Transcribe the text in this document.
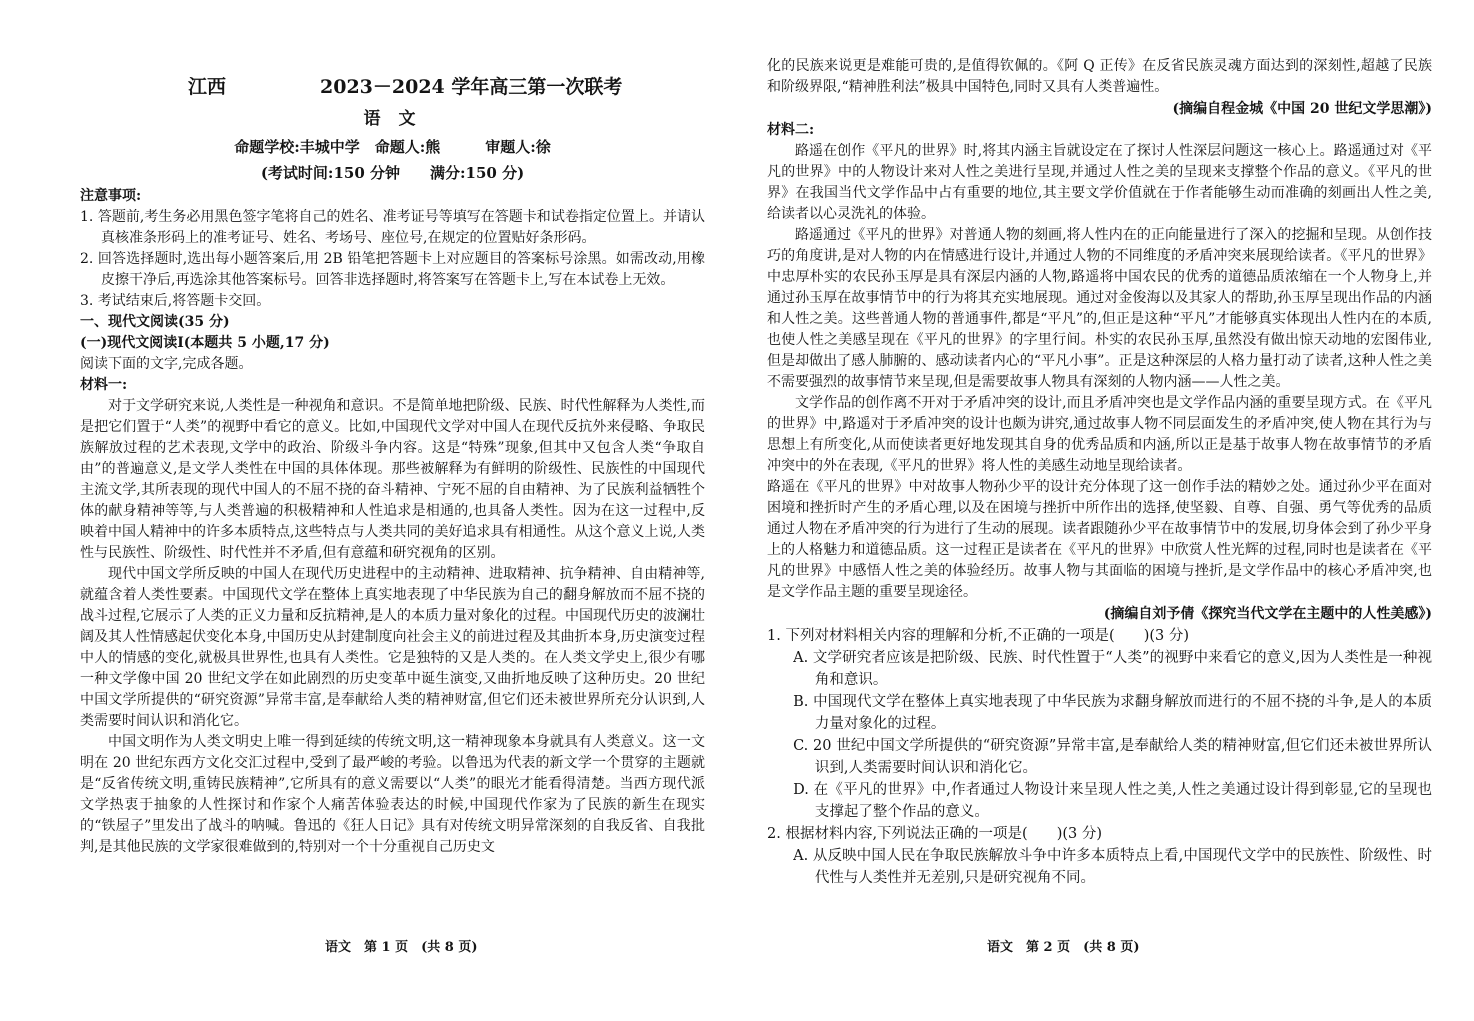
江西	2023－2024 学年高三第一次联考
语 文
命题学校:丰城中学　命题人:熊　　　审题人:徐
(考试时间:150 分钟　　满分:150 分)
注意事项:

1. 答题前,考生务必用黑色签字笔将自己的姓名、准考证号等填写在答题卡和试卷指定位置上。并请认真核准条形码上的准考证号、姓名、考场号、座位号,在规定的位置贴好条形码。

2. 回答选择题时,选出每小题答案后,用 2B 铅笔把答题卡上对应题目的答案标号涂黑。如需改动,用橡皮擦干净后,再选涂其他答案标号。回答非选择题时,将答案写在答题卡上,写在本试卷上无效。

3. 考试结束后,将答题卡交回。

一、现代文阅读(35 分)
(一)现代文阅读Ⅰ(本题共 5 小题,17 分)

阅读下面的文字,完成各题。

材料一:

对于文学研究来说,人类性是一种视角和意识。不是简单地把阶级、民族、时代性解释为人类性,而是把它们置于“人类”的视野中看它的意义。比如,中国现代文学对中国人在现代反抗外来侵略、争取民族解放过程的艺术表现,文学中的政治、阶级斗争内容。这是“特殊”现象,但其中又包含人类“争取自由”的普遍意义,是文学人类性在中国的具体体现。那些被解释为有鲜明的阶级性、民族性的中国现代主流文学,其所表现的现代中国人的不屈不挠的奋斗精神、宁死不屈的自由精神、为了民族利益牺牲个体的献身精神等等,与人类普遍的积极精神和人性追求是相通的,也具备人类性。因为在这一过程中,反映着中国人精神中的许多本质特点,这些特点与人类共同的美好追求具有相通性。从这个意义上说,人类性与民族性、阶级性、时代性并不矛盾,但有意蕴和研究视角的区别。

现代中国文学所反映的中国人在现代历史进程中的主动精神、进取精神、抗争精神、自由精神等,就蕴含着人类性要素。中国现代文学在整体上真实地表现了中华民族为自己的翻身解放而不屈不挠的战斗过程,它展示了人类的正义力量和反抗精神,是人的本质力量对象化的过程。中国现代历史的波澜壮阔及其人性情感起伏变化本身,中国历史从封建制度向社会主义的前进过程及其曲折本身,历史演变过程中人的情感的变化,就极具世界性,也具有人类性。它是独特的又是人类的。在人类文学史上,很少有哪一种文学像中国 20 世纪文学在如此剧烈的历史变革中诞生演变,又曲折地反映了这种历史。20 世纪中国文学所提供的“研究资源”异常丰富,是奉献给人类的精神财富,但它们还未被世界所充分认识到,人类需要时间认识和消化它。

中国文明作为人类文明史上唯一得到延续的传统文明,这一精神现象本身就具有人类意义。这一文明在 20 世纪东西方文化交汇过程中,受到了最严峻的考验。以鲁迅为代表的新文学一个贯穿的主题就是“反省传统文明,重铸民族精神”,它所具有的意义需要以“人类”的眼光才能看得清楚。当西方现代派文学热衷于抽象的人性探讨和作家个人痛苦体验表达的时候,中国现代作家为了民族的新生在现实的“铁屋子”里发出了战斗的呐喊。鲁迅的《狂人日记》具有对传统文明异常深刻的自我反省、自我批判,是其他民族的文学家很难做到的,特别对一个十分重视自己历史文

语文　第 1 页　(共 8 页)

化的民族来说更是难能可贵的,是值得钦佩的。《阿 Q 正传》在反省民族灵魂方面达到的深刻性,超越了民族和阶级界限,“精神胜利法”极具中国特色,同时又具有人类普遍性。

(摘编自程金城《中国 20 世纪文学思潮》)
材料二:

路遥在创作《平凡的世界》时,将其内涵主旨就设定在了探讨人性深层问题这一核心上。路遥通过对《平凡的世界》中的人物设计来对人性之美进行呈现,并通过人性之美的呈现来支撑整个作品的意义。《平凡的世界》在我国当代文学作品中占有重要的地位,其主要文学价值就在于作者能够生动而准确的刻画出人性之美,给读者以心灵洗礼的体验。

路遥通过《平凡的世界》对普通人物的刻画,将人性内在的正向能量进行了深入的挖掘和呈现。从创作技巧的角度讲,是对人物的内在情感进行设计,并通过人物的不同维度的矛盾冲突来展现给读者。《平凡的世界》中忠厚朴实的农民孙玉厚是具有深层内涵的人物,路遥将中国农民的优秀的道德品质浓缩在一个人物身上,并通过孙玉厚在故事情节中的行为将其充实地展现。通过对金俊海以及其家人的帮助,孙玉厚呈现出作品的内涵和人性之美。这些普通人物的普通事件,都是“平凡”的,但正是这种“平凡”才能够真实体现出人性内在的本质,也使人性之美感呈现在《平凡的世界》的字里行间。朴实的农民孙玉厚,虽然没有做出惊天动地的宏图伟业,但是却做出了感人肺腑的、感动读者内心的“平凡小事”。正是这种深层的人格力量打动了读者,这种人性之美不需要强烈的故事情节来呈现,但是需要故事人物具有深刻的人物内涵——人性之美。

文学作品的创作离不开对于矛盾冲突的设计,而且矛盾冲突也是文学作品内涵的重要呈现方式。在《平凡的世界》中,路遥对于矛盾冲突的设计也颇为讲究,通过故事人物不同层面发生的矛盾冲突,使人物在其行为与思想上有所变化,从而使读者更好地发现其自身的优秀品质和内涵,所以正是基于故事人物在故事情节的矛盾冲突中的外在表现,《平凡的世界》将人性的美感生动地呈现给读者。

路遥在《平凡的世界》中对故事人物孙少平的设计充分体现了这一创作手法的精妙之处。通过孙少平在面对困境和挫折时产生的矛盾心理,以及在困境与挫折中所作出的选择,使坚毅、自尊、自强、勇气等优秀的品质通过人物在矛盾冲突的行为进行了生动的展现。读者跟随孙少平在故事情节中的发展,切身体会到了孙少平身上的人格魅力和道德品质。这一过程正是读者在《平凡的世界》中欣赏人性光辉的过程,同时也是读者在《平凡的世界》中感悟人性之美的体验经历。故事人物与其面临的困境与挫折,是文学作品中的核心矛盾冲突,也是文学作品主题的重要呈现途径。

(摘编自刘予倩《探究当代文学在主题中的人性美感》)

1. 下列对材料相关内容的理解和分析,不正确的一项是(　　)(3 分)

A. 文学研究者应该是把阶级、民族、时代性置于“人类”的视野中来看它的意义,因为人类性是一种视角和意识。

B. 中国现代文学在整体上真实地表现了中华民族为求翻身解放而进行的不屈不挠的斗争,是人的本质力量对象化的过程。

C. 20 世纪中国文学所提供的“研究资源”异常丰富,是奉献给人类的精神财富,但它们还未被世界所认识到,人类需要时间认识和消化它。

D. 在《平凡的世界》中,作者通过人物设计来呈现人性之美,人性之美通过设计得到彰显,它的呈现也支撑起了整个作品的意义。

2. 根据材料内容,下列说法正确的一项是(　　)(3 分)

A. 从反映中国人民在争取民族解放斗争中许多本质特点上看,中国现代文学中的民族性、阶级性、时代性与人类性并无差别,只是研究视角不同。

语文　第 2 页　(共 8 页)
